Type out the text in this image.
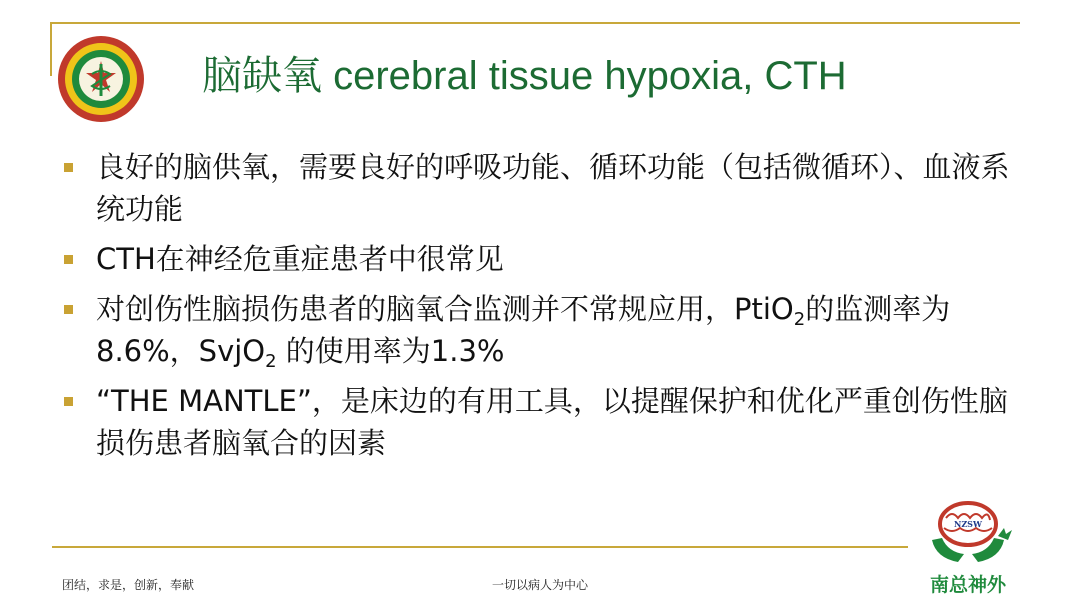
脑缺氧 cerebral tissue hypoxia, CTH
良好的脑供氧，需要良好的呼吸功能、循环功能（包括微循环）、血液系统功能
CTH在神经危重症患者中很常见
对创伤性脑损伤患者的脑氧合监测并不常规应用，PtiO$_2$的监测率为8.6%，SvjO$_2$ 的使用率为1.3%
“THE MANTLE”，是床边的有用工具，以提醒保护和优化严重创伤性脑损伤患者脑氧合的因素
团结，求是，创新，奉献	一切以病人为中心
NZSW
南总神外
